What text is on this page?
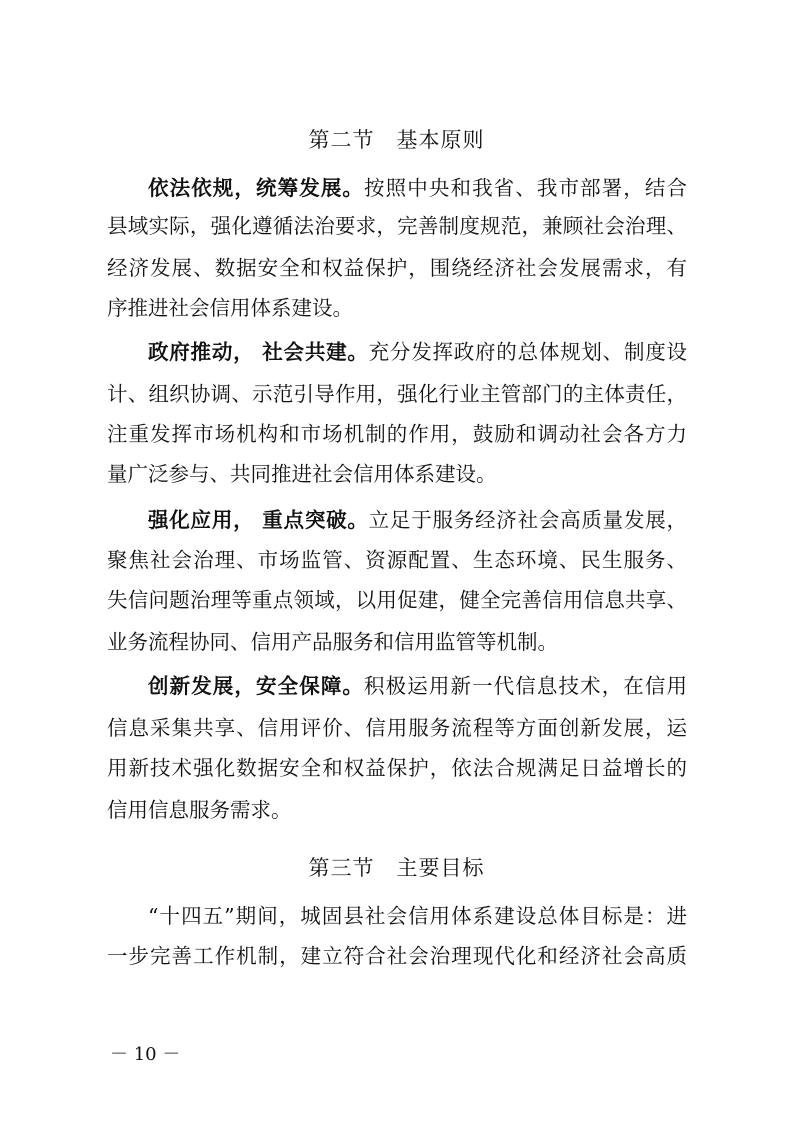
第二节　基本原则
依法依规，统筹发展。按照中央和我省、我市部署，结合
县域实际，强化遵循法治要求，完善制度规范，兼顾社会治理、
经济发展、数据安全和权益保护，围绕经济社会发展需求，有
序推进社会信用体系建设。
政府推动， 社会共建。充分发挥政府的总体规划、制度设
计、组织协调、示范引导作用，强化行业主管部门的主体责任，
注重发挥市场机构和市场机制的作用，鼓励和调动社会各方力
量广泛参与、共同推进社会信用体系建设。
强化应用， 重点突破。立足于服务经济社会高质量发展，
聚焦社会治理、市场监管、资源配置、生态环境、民生服务、
失信问题治理等重点领域，以用促建，健全完善信用信息共享、
业务流程协同、信用产品服务和信用监管等机制。
创新发展，安全保障。积极运用新一代信息技术，在信用
信息采集共享、信用评价、信用服务流程等方面创新发展，运
用新技术强化数据安全和权益保护，依法合规满足日益增长的
信用信息服务需求。
第三节　主要目标
“十四五”期间，城固县社会信用体系建设总体目标是：进
一步完善工作机制，建立符合社会治理现代化和经济社会高质
－ 10 －
